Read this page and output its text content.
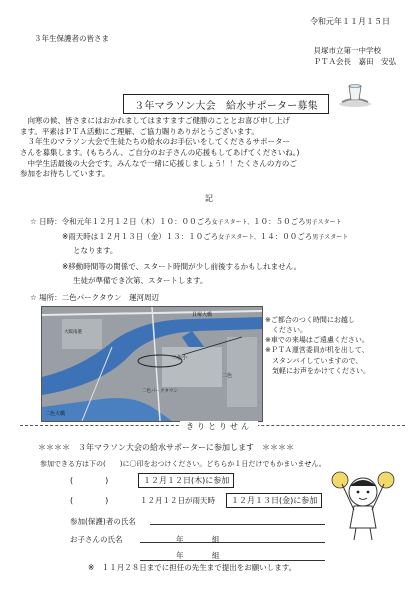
令和元年１１月１５日
３年生保護者の皆さま
貝塚市立第一中学校
ＰＴＡ会長　嘉田　安弘
３年マラソン大会　給水サポーター募集

　向寒の候、皆さまにはおかれましてはますますご健勝のこととお喜び申し上げ

ます。平素はＰＴＡ活動にご理解、ご協力賜りありがとうございます。

　３年生のマラソン大会で生徒たちの給水のお手伝いをしてくださるサポーター

さんを募集します。(もちろん、ご自分のお子さんの応援もしてあげてくださいね。)

　中学生活最後の大会です。みんなで一緒に応援しましょう！！たくさんの方のご

参加をお待ちしています。

記
☆ 日時：令和元年１２月１２日（木）１０：００ごろ女子スタート、１０：５０ごろ男子スタート
※雨天時は１２月１３日（金）１３：１０ごろ女子スタート、１４：００ごろ男子スタート
となります。
※移動時間等の関係で、スタート時間が少し前後するかもしれません。
生徒が準備でき次第、スタートします。
☆ 場所：二色パークタウン　運河周辺
貝塚大橋
二色大橋
二色小
二色パークタウン
大阪南港
二色
※ご都合のつく時間にお越し
　ください。
※車での来場はご遠慮ください。
※ＰＴＡ運営委員が机を出して、
　スタンバイしていますので、
　気軽にお声をかけてください。
きりとりせん
＊＊＊＊　３年マラソン大会の給水サポーターに参加します　＊＊＊＊
参加できる方は下の(　　)に〇印をおつけください。どちらか１日だけでもかまいません。
(　　　　)	１２月１２日(木)に参加
(　　　　)	１２月１２日が雨天時	１２月１３日(金)に参加
参加(保護)者の氏名
お子さんの氏名	年	組
年	組
※　１１月２８日までに担任の先生まで提出をお願いします。
